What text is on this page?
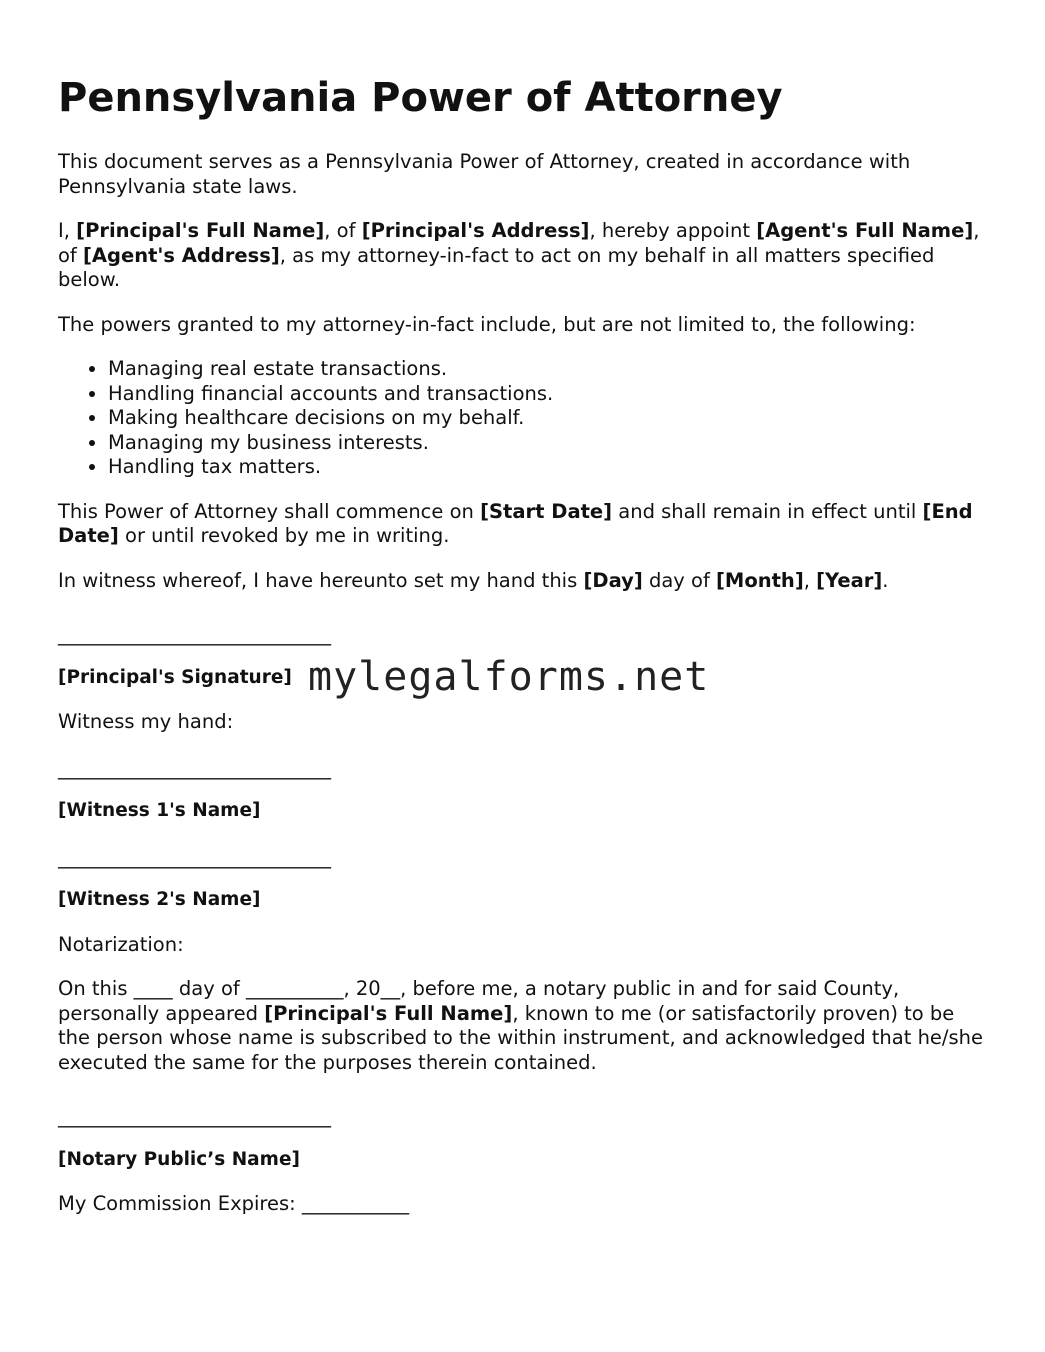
Pennsylvania Power of Attorney

This document serves as a Pennsylvania Power of Attorney, created in accordance with Pennsylvania state laws.

I, [Principal's Full Name], of [Principal's Address], hereby appoint [Agent's Full Name], of [Agent's Address], as my attorney-in-fact to act on my behalf in all matters specified below.

The powers granted to my attorney-in-fact include, but are not limited to, the following:

• Managing real estate transactions.
• Handling financial accounts and transactions.
• Making healthcare decisions on my behalf.
• Managing my business interests.
• Handling tax matters.

This Power of Attorney shall commence on [Start Date] and shall remain in effect until [End Date] or until revoked by me in writing.

In witness whereof, I have hereunto set my hand this [Day] day of [Month], [Year].

____________________________

[Principal's Signature]

Witness my hand:

____________________________

[Witness 1's Name]

____________________________

[Witness 2's Name]

Notarization:

On this ____ day of __________, 20__, before me, a notary public in and for said County, personally appeared [Principal's Full Name], known to me (or satisfactorily proven) to be the person whose name is subscribed to the within instrument, and acknowledged that he/she executed the same for the purposes therein contained.

____________________________

[Notary Public’s Name]

My Commission Expires: ___________

mylegalforms.net
